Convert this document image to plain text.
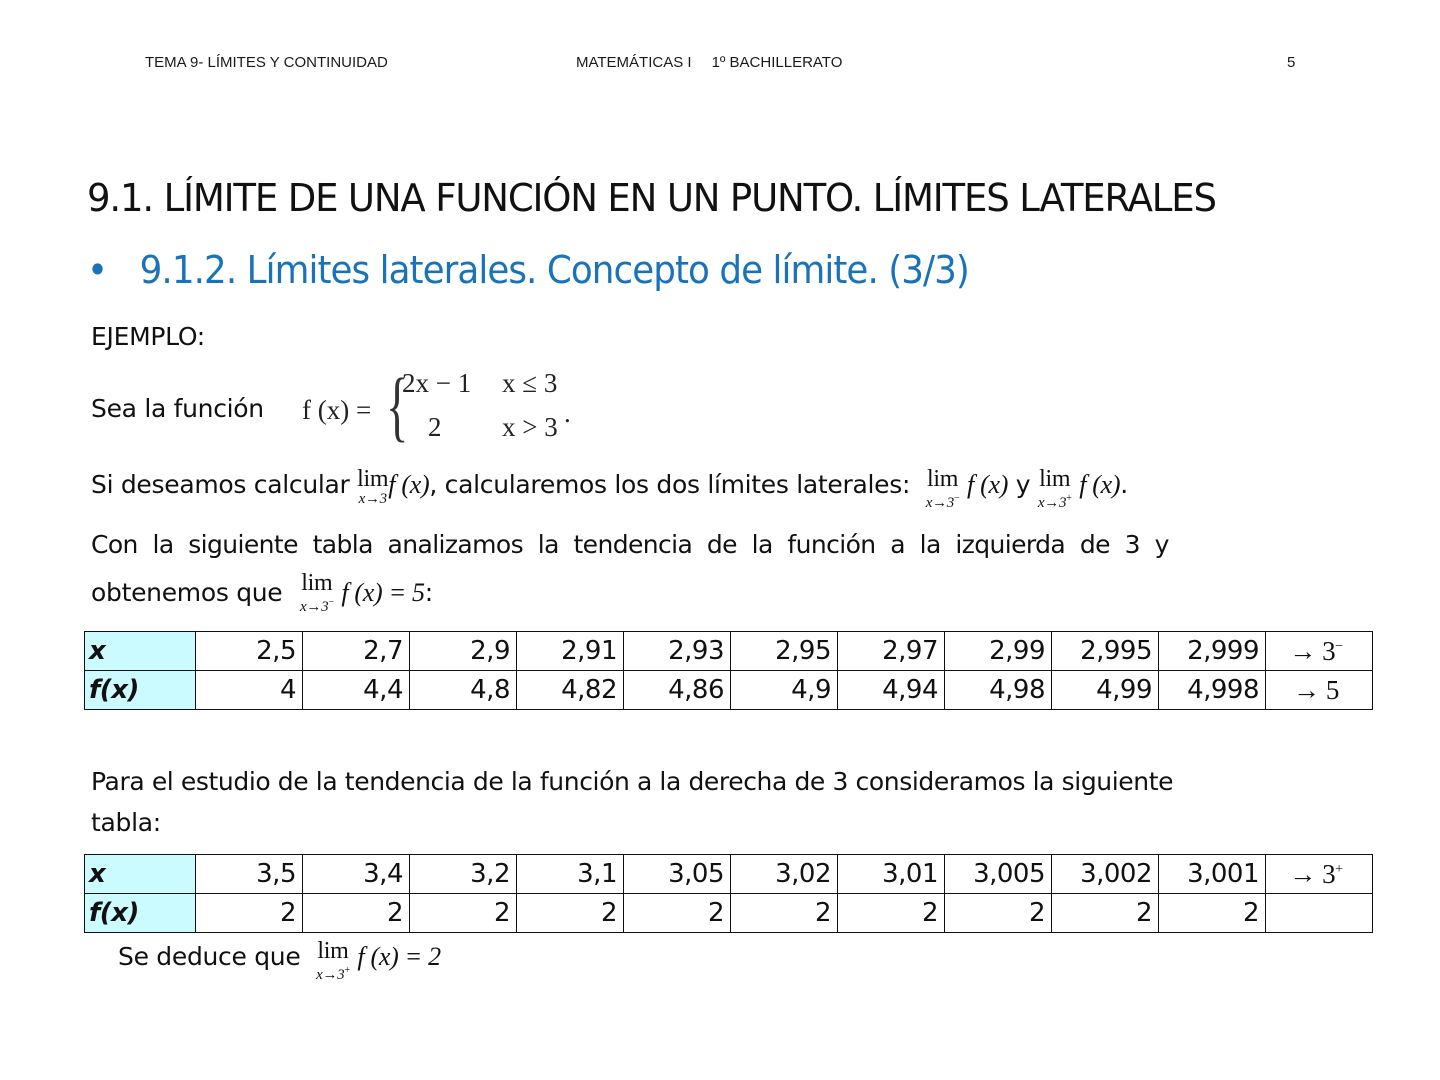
TEMA 9- LÍMITES Y CONTINUIDAD	MATEMÁTICAS I 1º BACHILLERATO	5
9.1. LÍMITE DE UNA FUNCIÓN EN UN PUNTO. LÍMITES LATERALES
• 9.1.2. Límites laterales. Concepto de límite. (3/3)
EJEMPLO:
Sea la función f (x) = {
2x − 1 x ≤ 3
2 x > 3 .
Si deseamos calcular lim
x→3 f (x), calcularemos los dos límites laterales: lim
x→3− f (x) y lim
x→3+ f (x).
Con  la  siguiente  tabla  analizamos  la  tendencia  de  la  función  a  la  izquierda  de  3  y
obtenemos que lim
x→3− f (x) = 5:
x	2,5	2,7	2,9	2,91	2,93	2,95	2,97	2,99	2,995	2,999	→ 3−
f(x)	4	4,4	4,8	4,82	4,86	4,9	4,94	4,98	4,99	4,998	→ 5
Para el estudio de la tendencia de la función a la derecha de 3 consideramos la siguiente
tabla:
x	3,5	3,4	3,2	3,1	3,05	3,02	3,01	3,005	3,002	3,001	→ 3+
f(x)	2	2	2	2	2	2	2	2	2	2	
Se deduce que lim
x→3+ f (x) = 2
